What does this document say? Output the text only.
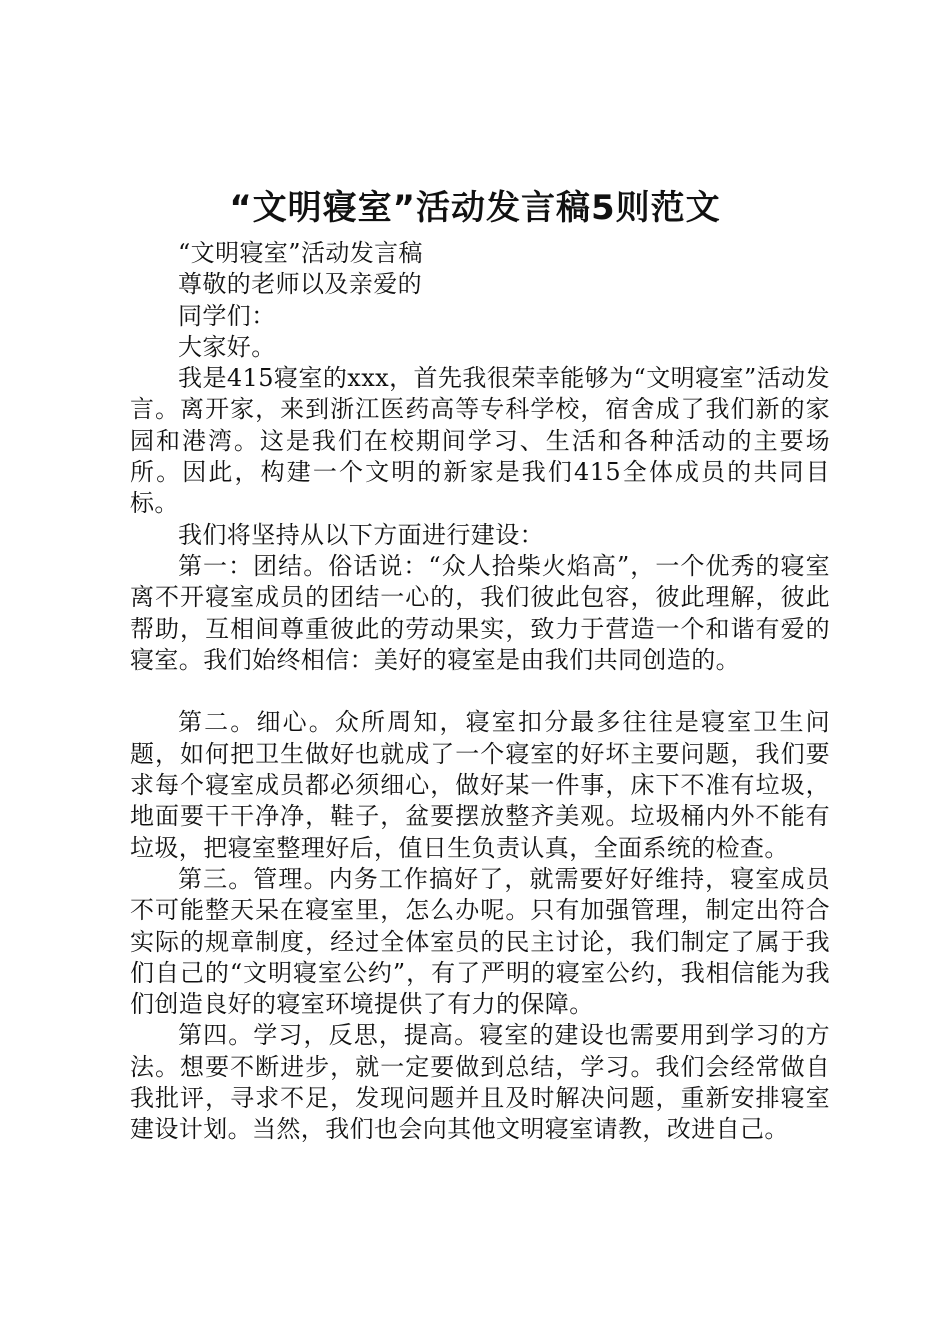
“文明寝室”活动发言稿5则范文

“文明寝室”活动发言稿

尊敬的老师以及亲爱的

同学们：

大家好。

我是415寝室的xxx，首先我很荣幸能够为“文明寝室”活动发言。离开家，来到浙江医药高等专科学校，宿舍成了我们新的家园和港湾。这是我们在校期间学习、生活和各种活动的主要场所。因此，构建一个文明的新家是我们415全体成员的共同目标。

我们将坚持从以下方面进行建设：

第一：团结。俗话说：“众人拾柴火焰高”，一个优秀的寝室离不开寝室成员的团结一心的，我们彼此包容，彼此理解，彼此帮助，互相间尊重彼此的劳动果实，致力于营造一个和谐有爱的寝室。我们始终相信：美好的寝室是由我们共同创造的。

第二。细心。众所周知，寝室扣分最多往往是寝室卫生问题，如何把卫生做好也就成了一个寝室的好坏主要问题，我们要求每个寝室成员都必须细心，做好某一件事，床下不准有垃圾，地面要干干净净，鞋子，盆要摆放整齐美观。垃圾桶内外不能有垃圾，把寝室整理好后，值日生负责认真，全面系统的检查。

第三。管理。内务工作搞好了，就需要好好维持，寝室成员不可能整天呆在寝室里，怎么办呢。只有加强管理，制定出符合实际的规章制度，经过全体室员的民主讨论，我们制定了属于我们自己的“文明寝室公约”，有了严明的寝室公约，我相信能为我们创造良好的寝室环境提供了有力的保障。

第四。学习，反思，提高。寝室的建设也需要用到学习的方法。想要不断进步，就一定要做到总结，学习。我们会经常做自我批评，寻求不足，发现问题并且及时解决问题，重新安排寝室建设计划。当然，我们也会向其他文明寝室请教，改进自己。
